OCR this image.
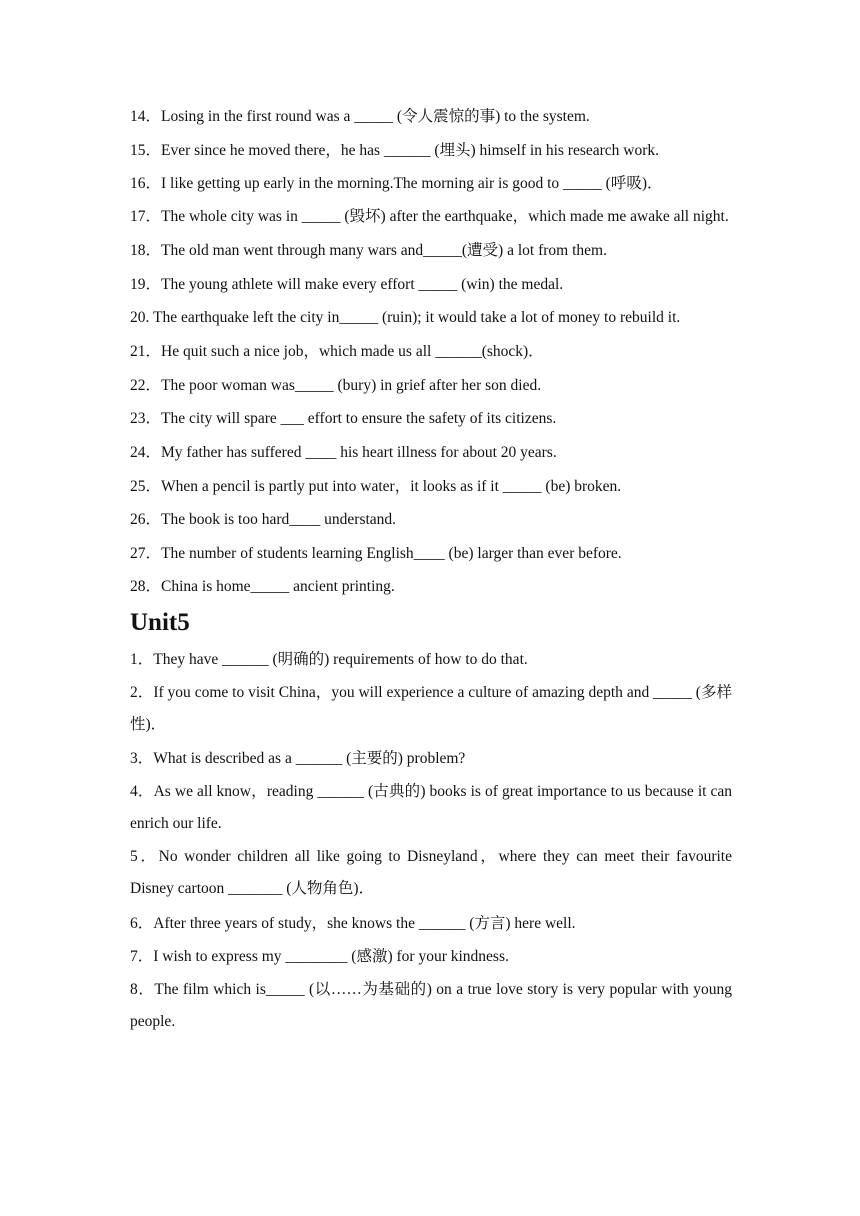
14．Losing in the first round was a _____ (令人震惊的事) to the system.
15．Ever since he moved there，he has ______ (埋头) himself in his research work.
16．I like getting up early in the morning.The morning air is good to _____ (呼吸)．
17．The whole city was in _____ (毁坏) after the earthquake，which made me awake all night.
18．The old man went through many wars and_____(遭受) a lot from them.
19．The young athlete will make every effort _____ (win) the medal.
20. The earthquake left the city in_____ (ruin); it would take a lot of money to rebuild it.
21．He quit such a nice job，which made us all ______(shock)．
22．The poor woman was_____ (bury) in grief after her son died.
23．The city will spare ___ effort to ensure the safety of its citizens.
24．My father has suffered ____ his heart illness for about 20 years.
25．When a pencil is partly put into water，it looks as if it _____ (be) broken.
26．The book is too hard____ understand.
27．The number of students learning English____ (be) larger than ever before.
28．China is home_____ ancient printing.
Unit5
1．They have ______ (明确的) requirements of how to do that.
2．If you come to visit China，you will experience a culture of amazing depth and _____ (多样性)．
3．What is described as a ______ (主要的) problem?
4．As we all know，reading ______ (古典的) books is of great importance to us because it can enrich our life.
5．No wonder children all like going to Disneyland，where they can meet their favourite Disney cartoon _______ (人物角色)．
6．After three years of study，she knows the ______ (方言) here well.
7．I wish to express my ________ (感激) for your kindness.
8．The film which is_____ (以……为基础的) on a true love story is very popular with young people.
